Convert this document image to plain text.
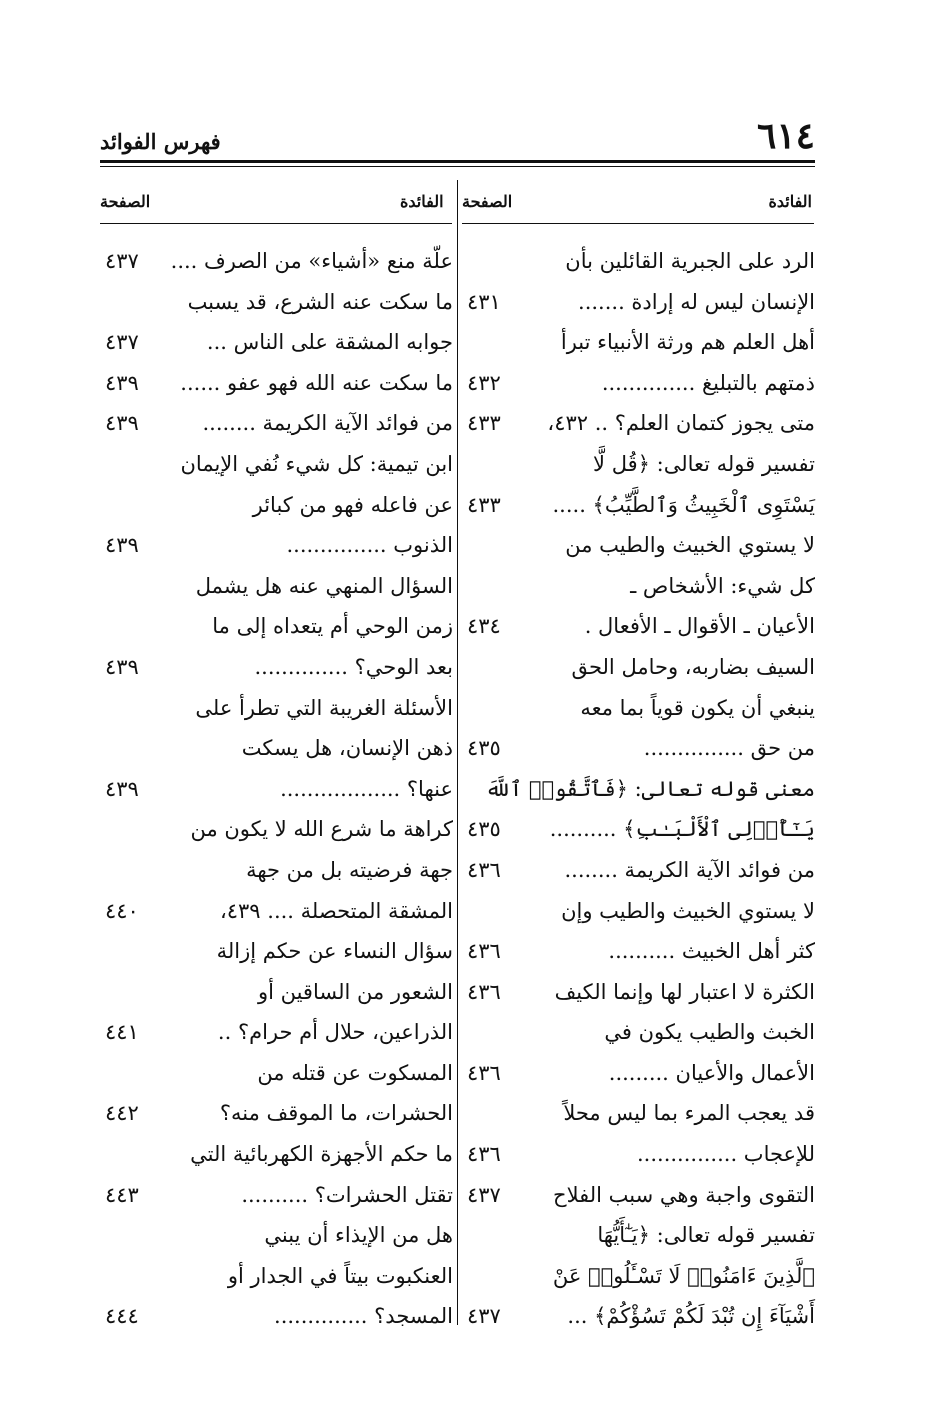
٦١٤
فهرس الفوائد
الفائدة
الصفحة
الفائدة
الصفحة
الرد على الجبرية القائلين بأن
الإنسان ليس له إرادة .......
٤٣١
أهل العلم هم ورثة الأنبياء تبرأ
ذمتهم بالتبليغ ..............
٤٣٢
متى يجوز كتمان العلم؟ .. ٤٣٢،
٤٣٣
تفسير قوله تعالى: ﴿قُل لَّا
يَسْتَوِى ٱلْخَبِيثُ وَٱلطَّيِّبُ﴾ .....
٤٣٣
لا يستوي الخبيث والطيب من
كل شيء: الأشخاص ـ
الأعيان ـ الأقوال ـ الأفعال .
٤٣٤
السيف بضاربه، وحامل الحق
ينبغي أن يكون قوياً بما معه
من حق ...............
٤٣٥
معنى قوله تعالى: ﴿فَٱتَّقُوا۟ ٱللَّهَ
يَـٰٓأُو۟لِى ٱلْأَلْبَـٰبِ﴾ ..........
٤٣٥
من فوائد الآية الكريمة ........
٤٣٦
لا يستوي الخبيث والطيب وإن
كثر أهل الخبيث ..........
٤٣٦
الكثرة لا اعتبار لها وإنما الكيف
٤٣٦
الخبث والطيب يكون في
الأعمال والأعيان .........
٤٣٦
قد يعجب المرء بما ليس محلاً
للإعجاب ...............
٤٣٦
التقوى واجبة وهي سبب الفلاح
٤٣٧
تفسير قوله تعالى: ﴿يَـٰٓأَيُّهَا
ٱلَّذِينَ ءَامَنُوا۟ لَا تَسْـَٔلُوا۟ عَنْ
أَشْيَآءَ إِن تُبْدَ لَكُمْ تَسُؤْكُمْ﴾ ...
٤٣٧
علّة منع «أشياء» من الصرف ....
٤٣٧
ما سكت عنه الشرع، قد يسبب
جوابه المشقة على الناس ...
٤٣٧
ما سكت عنه الله فهو عفو ......
٤٣٩
من فوائد الآية الكريمة ........
٤٣٩
ابن تيمية: كل شيء نُفي الإيمان
عن فاعله فهو من كبائر
الذنوب ...............
٤٣٩
السؤال المنهي عنه هل يشمل
زمن الوحي أم يتعداه إلى ما
بعد الوحي؟ ..............
٤٣٩
الأسئلة الغريبة التي تطرأ على
ذهن الإنسان، هل يسكت
عنها؟ ..................
٤٣٩
كراهة ما شرع الله لا يكون من
جهة فرضيته بل من جهة
المشقة المتحصلة .... ٤٣٩،
٤٤٠
سؤال النساء عن حكم إزالة
الشعور من الساقين أو
الذراعين، حلال أم حرام؟ ..
٤٤١
المسكوت عن قتله من
الحشرات، ما الموقف منه؟
٤٤٢
ما حكم الأجهزة الكهربائية التي
تقتل الحشرات؟ ..........
٤٤٣
هل من الإيذاء أن يبني
العنكبوت بيتاً في الجدار أو
المسجد؟ ..............
٤٤٤
